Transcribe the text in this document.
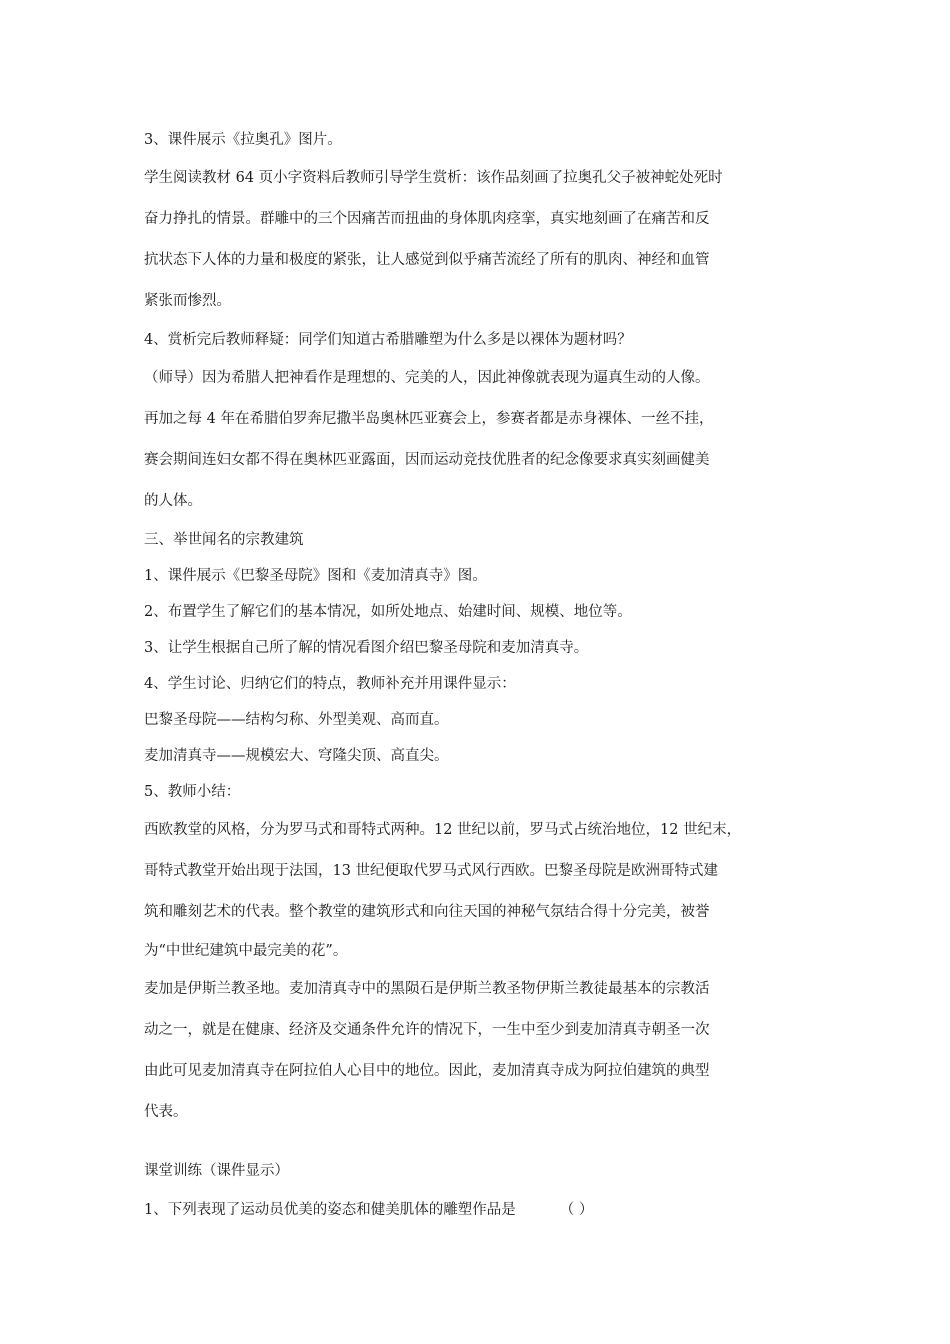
3、课件展示《拉奥孔》图片。

学生阅读教材 64 页小字资料后教师引导学生赏析：该作品刻画了拉奥孔父子被神蛇处死时

奋力挣扎的情景。群雕中的三个因痛苦而扭曲的身体肌肉痉挛，真实地刻画了在痛苦和反

抗状态下人体的力量和极度的紧张，让人感觉到似乎痛苦流经了所有的肌肉、神经和血管

紧张而惨烈。

4、赏析完后教师释疑：同学们知道古希腊雕塑为什么多是以裸体为题材吗？

（师导）因为希腊人把神看作是理想的、完美的人，因此神像就表现为逼真生动的人像。

再加之每 4 年在希腊伯罗奔尼撒半岛奥林匹亚赛会上，参赛者都是赤身裸体、一丝不挂，

赛会期间连妇女都不得在奥林匹亚露面，因而运动竞技优胜者的纪念像要求真实刻画健美

的人体。

三、举世闻名的宗教建筑

1、课件展示《巴黎圣母院》图和《麦加清真寺》图。

2、布置学生了解它们的基本情况，如所处地点、始建时间、规模、地位等。

3、让学生根据自己所了解的情况看图介绍巴黎圣母院和麦加清真寺。

4、学生讨论、归纳它们的特点，教师补充并用课件显示：

巴黎圣母院——结构匀称、外型美观、高而直。

麦加清真寺——规模宏大、穹隆尖顶、高直尖。

5、教师小结：

西欧教堂的风格，分为罗马式和哥特式两种。12 世纪以前，罗马式占统治地位，12 世纪末，

哥特式教堂开始出现于法国，13 世纪便取代罗马式风行西欧。巴黎圣母院是欧洲哥特式建

筑和雕刻艺术的代表。整个教堂的建筑形式和向往天国的神秘气氛结合得十分完美，被誉

为“中世纪建筑中最完美的花”。

麦加是伊斯兰教圣地。麦加清真寺中的黑陨石是伊斯兰教圣物伊斯兰教徒最基本的宗教活

动之一，就是在健康、经济及交通条件允许的情况下，一生中至少到麦加清真寺朝圣一次

由此可见麦加清真寺在阿拉伯人心目中的地位。因此，麦加清真寺成为阿拉伯建筑的典型

代表。

课堂训练（课件显示）

1、下列表现了运动员优美的姿态和健美肌体的雕塑作品是	（ ）
